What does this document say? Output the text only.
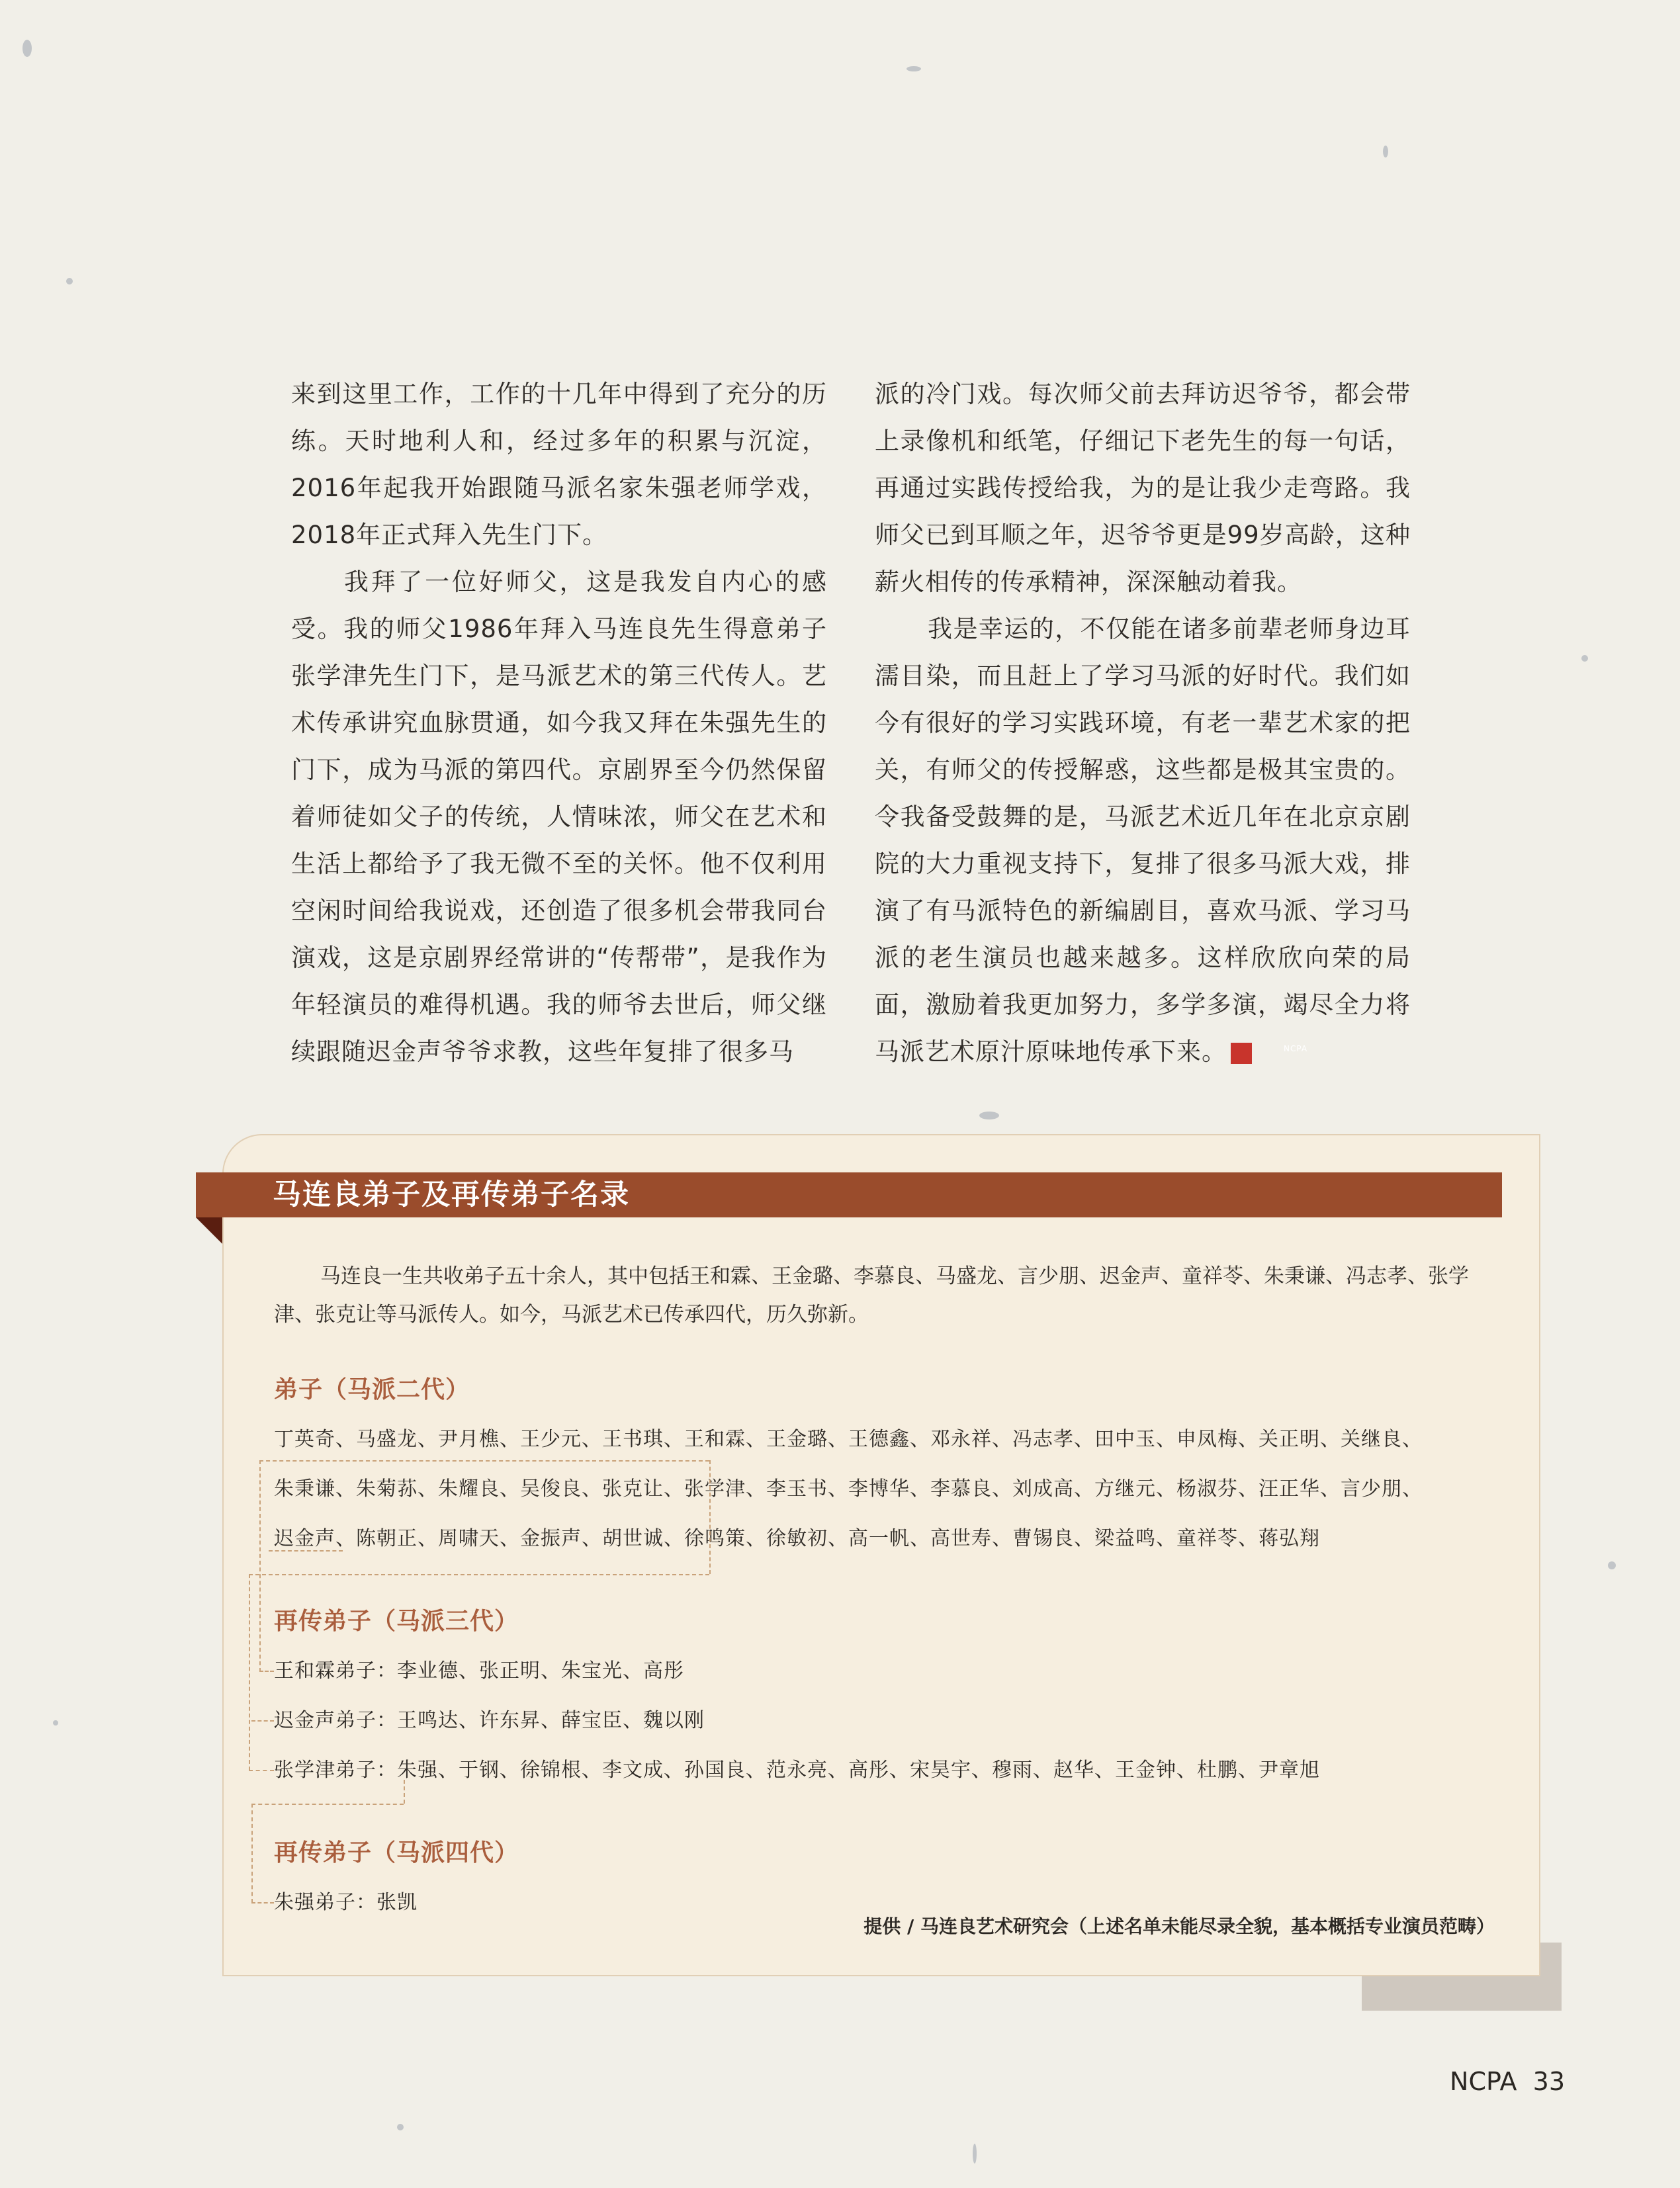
来到这里工作，工作的十几年中得到了充分的历练。天时地利人和，经过多年的积累与沉淀，2016年起我开始跟随马派名家朱强老师学戏，2018年正式拜入先生门下。

我拜了一位好师父，这是我发自内心的感受。我的师父1986年拜入马连良先生得意弟子张学津先生门下，是马派艺术的第三代传人。艺术传承讲究血脉贯通，如今我又拜在朱强先生的门下，成为马派的第四代。京剧界至今仍然保留着师徒如父子的传统，人情味浓，师父在艺术和生活上都给予了我无微不至的关怀。他不仅利用空闲时间给我说戏，还创造了很多机会带我同台演戏，这是京剧界经常讲的“传帮带”，是我作为年轻演员的难得机遇。我的师爷去世后，师父继续跟随迟金声爷爷求教，这些年复排了很多马

派的冷门戏。每次师父前去拜访迟爷爷，都会带上录像机和纸笔，仔细记下老先生的每一句话，再通过实践传授给我，为的是让我少走弯路。我师父已到耳顺之年，迟爷爷更是99岁高龄，这种薪火相传的传承精神，深深触动着我。

我是幸运的，不仅能在诸多前辈老师身边耳濡目染，而且赶上了学习马派的好时代。我们如今有很好的学习实践环境，有老一辈艺术家的把关，有师父的传授解惑，这些都是极其宝贵的。令我备受鼓舞的是，马派艺术近几年在北京京剧院的大力重视支持下，复排了很多马派大戏，排演了有马派特色的新编剧目，喜欢马派、学习马派的老生演员也越来越多。这样欣欣向荣的局面，激励着我更加努力，多学多演，竭尽全力将马派艺术原汁原味地传承下来。	NCPA

马连良弟子及再传弟子名录
马连良一生共收弟子五十余人，其中包括王和霖、王金璐、李慕良、马盛龙、言少朋、迟金声、童祥苓、朱秉谦、冯志孝、张学津、张克让等马派传人。如今，马派艺术已传承四代，历久弥新。
弟子（马派二代）
丁英奇、马盛龙、尹月樵、王少元、王书琪、王和霖、王金璐、王德鑫、邓永祥、冯志孝、田中玉、申凤梅、关正明、关继良、
朱秉谦、朱菊荪、朱耀良、吴俊良、张克让、张学津、李玉书、李博华、李慕良、刘成高、方继元、杨淑芬、汪正华、言少朋、
迟金声、陈朝正、周啸天、金振声、胡世诚、徐鸣策、徐敏初、高一帆、高世寿、曹锡良、梁益鸣、童祥苓、蒋弘翔
再传弟子（马派三代）
王和霖弟子：李业德、张正明、朱宝光、高彤
迟金声弟子：王鸣达、许东昇、薛宝臣、魏以刚
张学津弟子：朱强、于钢、徐锦根、李文成、孙国良、范永亮、高彤、宋昊宇、穆雨、赵华、王金钟、杜鹏、尹章旭
再传弟子（马派四代）
朱强弟子：张凯
提供 / 马连良艺术研究会（上述名单未能尽录全貌，基本概括专业演员范畴）
NCPA 33
